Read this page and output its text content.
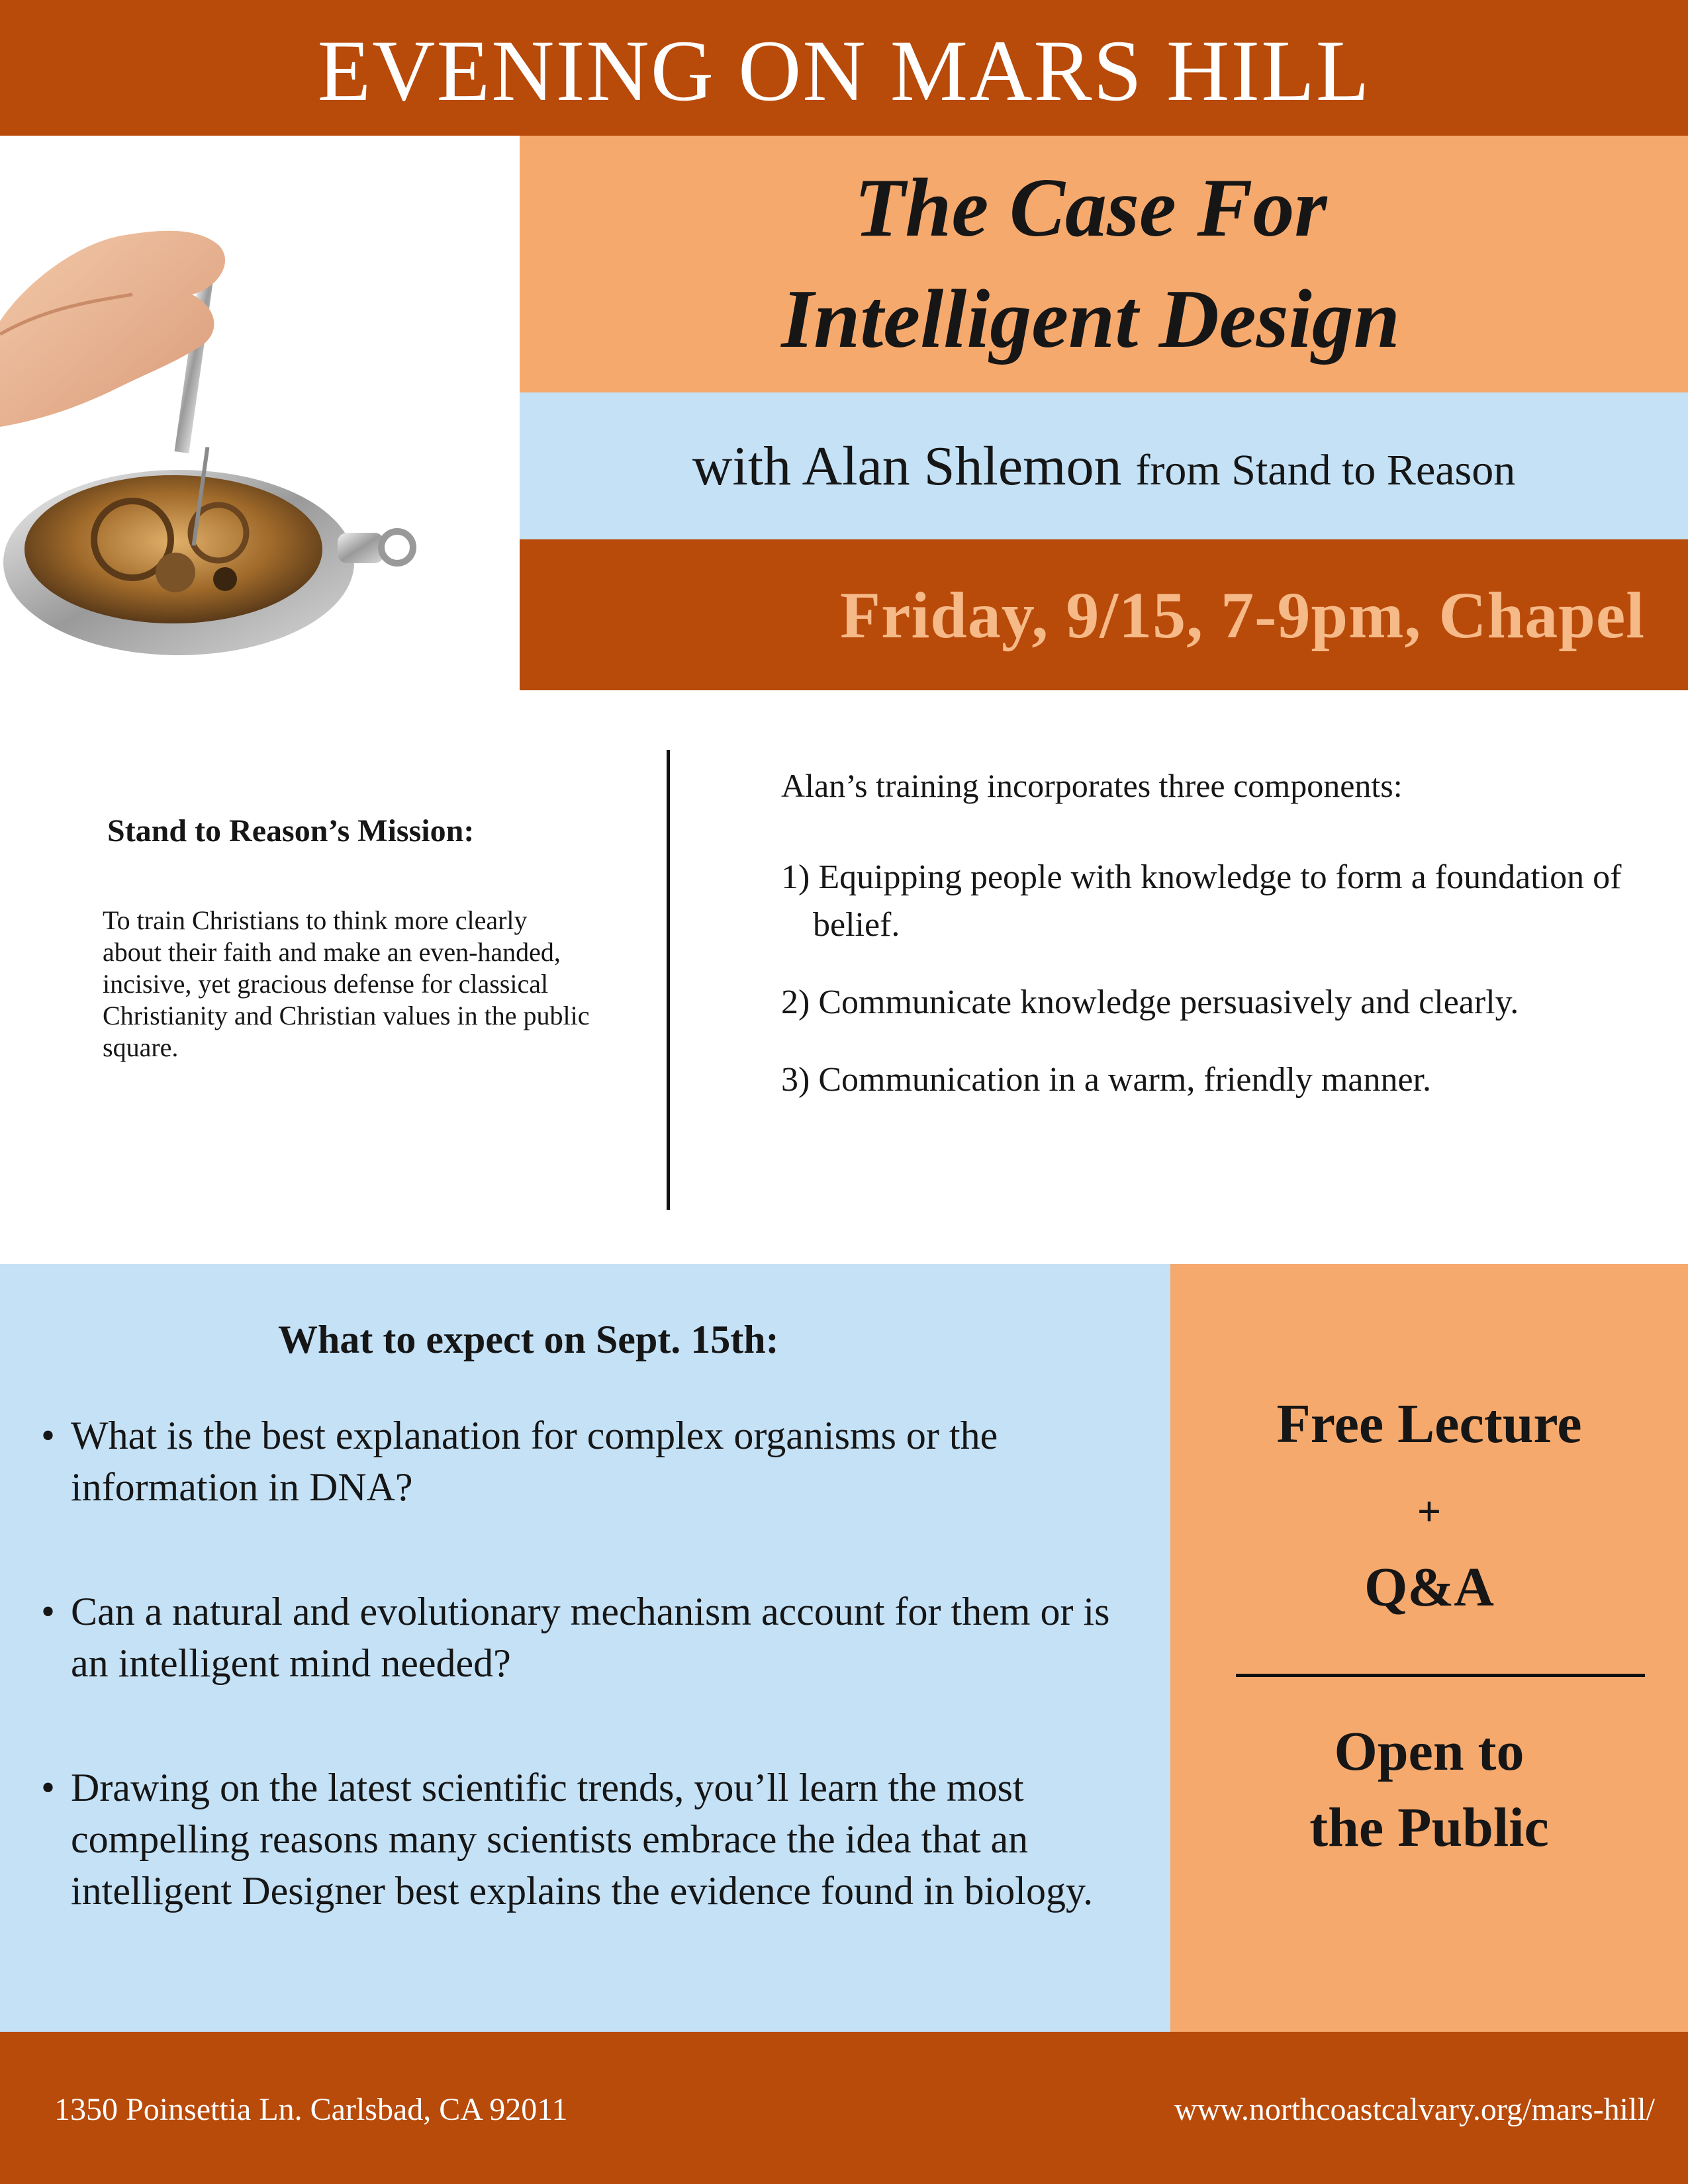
EVENING ON MARS HILL

The Case For

Intelligent Design

with Alan Shlemon from Stand to Reason
Friday, 9/15, 7-9pm, Chapel
Stand to Reason’s Mission:
To train Christians to think more clearly about their faith and make an even-handed, incisive, yet gracious defense for classical Christianity and Christian values in the public square.
Alan’s training incorporates three components:
1) Equipping people with knowledge to form a foundation of belief.
2) Communicate knowledge persuasively and clearly.
3) Communication in a warm, friendly manner.
What to expect on Sept. 15th:
• What is the best explanation for complex organisms or the information in DNA?
• Can a natural and evolutionary mechanism account for them or is an intelligent mind needed?
• Drawing on the latest scientific trends, you’ll learn the most compelling reasons many scientists embrace the idea that an intelligent Designer best explains the evidence found in biology.
Free Lecture
+
Q&A
Open to
the Public
1350 Poinsettia Ln. Carlsbad, CA 92011	www.northcoastcalvary.org/mars-hill/
